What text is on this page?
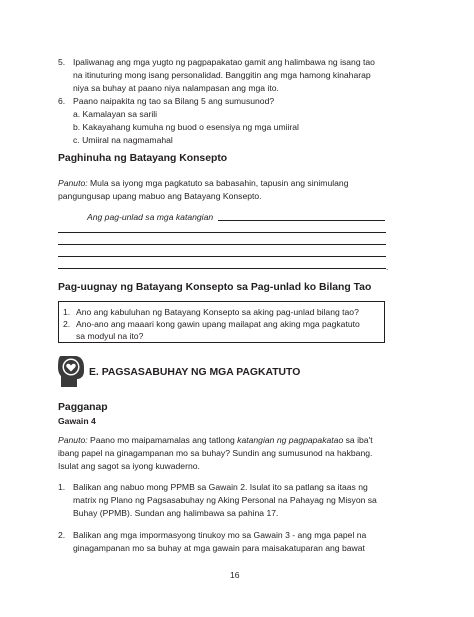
5. Ipaliwanag ang mga yugto ng pagpapakatao gamit ang halimbawa ng isang tao
na itinuturing mong isang personalidad. Banggitin ang mga hamong kinaharap
niya sa buhay at paano niya nalampasan ang mga ito.
6. Paano naipakita ng tao sa Bilang 5 ang sumusunod?
a. Kamalayan sa sarili
b. Kakayahang kumuha ng buod o esensiya ng mga umiiral
c. Umiiral na nagmamahal
Paghinuha ng Batayang Konsepto
Panuto: Mula sa iyong mga pagkatuto sa babasahin, tapusin ang sinimulang
pangungusap upang mabuo ang Batayang Konsepto.
Ang pag-unlad sa mga katangian
.
Pag-uugnay ng Batayang Konsepto sa Pag-unlad ko Bilang Tao
1. Ano ang kabuluhan ng Batayang Konsepto sa aking pag-unlad bilang tao?
2. Ano-ano ang maaari kong gawin upang mailapat ang aking mga pagkatuto
sa modyul na ito?
E. PAGSASABUHAY NG MGA PAGKATUTO
Pagganap
Gawain 4
Panuto: Paano mo maipamamalas ang tatlong katangian ng pagpapakatao sa iba't
ibang papel na ginagampanan mo sa buhay? Sundin ang sumusunod na hakbang.
Isulat ang sagot sa iyong kuwaderno.
1. Balikan ang nabuo mong PPMB sa Gawain 2. Isulat ito sa patlang sa itaas ng
matrix ng Plano ng Pagsasabuhay ng Aking Personal na Pahayag ng Misyon sa
Buhay (PPMB). Sundan ang halimbawa sa pahina 17.
2. Balikan ang mga impormasyong tinukoy mo sa Gawain 3 - ang mga papel na
ginagampanan mo sa buhay at mga gawain para maisakatuparan ang bawat
16
